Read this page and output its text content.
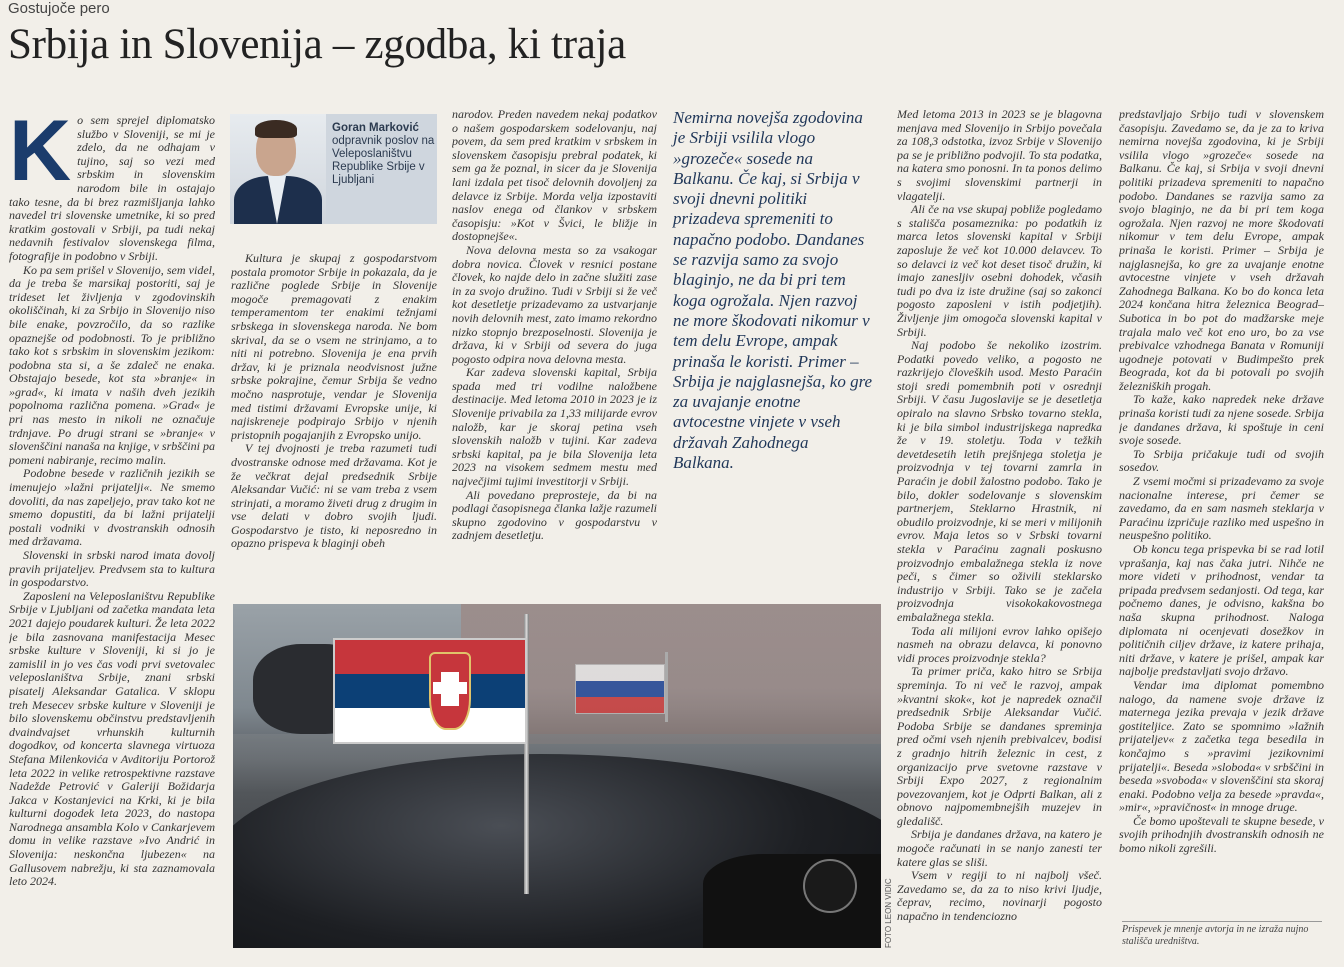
Gostujoče pero
Srbija in Slovenija – zgodba, ki traja

Ko sem sprejel diplomatsko službo v Sloveniji, se mi je zdelo, da ne odhajam v tujino, saj so vezi med srbskim in slovenskim narodom bile in ostajajo tako tesne, da bi brez razmišljanja lahko navedel tri slovenske umetnike, ki so pred kratkim gostovali v Srbiji, pa tudi nekaj nedavnih festivalov slovenskega filma, fotografije in podobno v Srbiji.

Ko pa sem prišel v Slovenijo, sem videl, da je treba še marsikaj postoriti, saj je trideset let življenja v zgodovinskih okoliščinah, ki za Srbijo in Slovenijo niso bile enake, povzročilo, da so razlike opaznejše od podobnosti. To je približno tako kot s srbskim in slovenskim jezikom: podobna sta si, a še zdaleč ne enaka. Obstajajo besede, kot sta »branje« in »grad«, ki imata v naših dveh jezikih popolnoma različna pomena. »Grad« je pri nas mesto in nikoli ne označuje trdnjave. Po drugi strani se »branje« v slovenščini nanaša na knjige, v srbščini pa pomeni nabiranje, recimo malin.

Podobne besede v različnih jezikih se imenujejo »lažni prijatelji«. Ne smemo dovoliti, da nas zapeljejo, prav tako kot ne smemo dopustiti, da bi lažni prijatelji postali vodniki v dvostranskih odnosih med državama.

Slovenski in srbski narod imata dovolj pravih prijateljev. Predvsem sta to kultura in gospodarstvo.

Zaposleni na Veleposlaništvu Republike Srbije v Ljubljani od začetka mandata leta 2021 dajejo poudarek kulturi. Že leta 2022 je bila zasnovana manifestacija Mesec srbske kulture v Sloveniji, ki si jo je zamislil in jo ves čas vodi prvi svetovalec veleposlaništva Srbije, znani srbski pisatelj Aleksandar Gatalica. V sklopu treh Mesecev srbske kulture v Sloveniji je bilo slovenskemu občinstvu predstavljenih dvaindvajset vrhunskih kulturnih dogodkov, od koncerta slavnega virtuoza Stefana Milenkovića v Avditoriju Portorož leta 2022 in velike retrospektivne razstave Nadežde Petrović v Galeriji Božidarja Jakca v Kostanjevici na Krki, ki je bila kulturni dogodek leta 2023, do nastopa Narodnega ansambla Kolo v Cankarjevem domu in velike razstave »Ivo Andrić in Slovenija: neskončna ljubezen« na Gallusovem nabrežju, ki sta zaznamovala leto 2024.

Goran Marković
odpravnik poslov na Veleposlaništvu Republike Srbije v Ljubljani

Kultura je skupaj z gospodarstvom postala promotor Srbije in pokazala, da je različne poglede Srbije in Slovenije mogoče premagovati z enakim temperamentom ter enakimi težnjami srbskega in slovenskega naroda. Ne bom skrival, da se o vsem ne strinjamo, a to niti ni potrebno. Slovenija je ena prvih držav, ki je priznala neodvisnost južne srbske pokrajine, čemur Srbija še vedno močno nasprotuje, vendar je Slovenija med tistimi državami Evropske unije, ki najiskreneje podpirajo Srbijo v njenih pristopnih pogajanjih z Evropsko unijo.

V tej dvojnosti je treba razumeti tudi dvostranske odnose med državama. Kot je že večkrat dejal predsednik Srbije Aleksandar Vučić: ni se vam treba z vsem strinjati, a moramo živeti drug z drugim in vse delati v dobro svojih ljudi. Gospodarstvo je tisto, ki neposredno in opazno prispeva k blaginji obeh

narodov. Preden navedem nekaj podatkov o našem gospodarskem sodelovanju, naj povem, da sem pred kratkim v srbskem in slovenskem časopisju prebral podatek, ki sem ga že poznal, in sicer da je Slovenija lani izdala pet tisoč delovnih dovoljenj za delavce iz Srbije. Morda velja izpostaviti naslov enega od člankov v srbskem časopisju: »Kot v Švici, le bližje in dostopnejše«.

Nova delovna mesta so za vsakogar dobra novica. Človek v resnici postane človek, ko najde delo in začne služiti zase in za svojo družino. Tudi v Srbiji si že več kot desetletje prizadevamo za ustvarjanje novih delovnih mest, zato imamo rekordno nizko stopnjo brezposelnosti. Slovenija je država, ki v Srbiji od severa do juga pogosto odpira nova delovna mesta.

Kar zadeva slovenski kapital, Srbija spada med tri vodilne naložbene destinacije. Med letoma 2010 in 2023 je iz Slovenije privabila za 1,33 milijarde evrov naložb, kar je skoraj petina vseh slovenskih naložb v tujini. Kar zadeva srbski kapital, pa je bila Slovenija leta 2023 na visokem sedmem mestu med največjimi tujimi investitorji v Srbiji.

Ali povedano preprosteje, da bi na podlagi časopisnega članka lažje razumeli skupno zgodovino v gospodarstvu v zadnjem desetletju.

Nemirna novejša zgodovina je Srbiji vsilila vlogo »grozeče« sosede na Balkanu. Če kaj, si Srbija v svoji dnevni politiki prizadeva spremeniti to napačno podobo. Dandanes se razvija samo za svojo blaginjo, ne da bi pri tem koga ogrožala. Njen razvoj ne more škodovati nikomur v tem delu Evrope, ampak prinaša le koristi. Primer – Srbija je najglasnejša, ko gre za uvajanje enotne avtocestne vinjete v vseh državah Zahodnega Balkana.

Med letoma 2013 in 2023 se je blagovna menjava med Slovenijo in Srbijo povečala za 108,3 odstotka, izvoz Srbije v Slovenijo pa se je približno podvojil. To sta podatka, na katera smo ponosni. In ta ponos delimo s svojimi slovenskimi partnerji in vlagatelji.

Ali če na vse skupaj pobliže pogledamo s stališča posameznika: po podatkih iz marca letos slovenski kapital v Srbiji zaposluje že več kot 10.000 delavcev. To so delavci iz več kot deset tisoč družin, ki imajo zanesljiv osebni dohodek, včasih tudi po dva iz iste družine (saj so zakonci pogosto zaposleni v istih podjetjih). Življenje jim omogoča slovenski kapital v Srbiji.

Naj podobo še nekoliko izostrim. Podatki povedo veliko, a pogosto ne razkrijejo človeških usod. Mesto Paraćin stoji sredi pomembnih poti v osrednji Srbiji. V času Jugoslavije se je desetletja opiralo na slavno Srbsko tovarno stekla, ki je bila simbol industrijskega napredka že v 19. stoletju. Toda v težkih devetdesetih letih prejšnjega stoletja je proizvodnja v tej tovarni zamrla in Paraćin je dobil žalostno podobo. Tako je bilo, dokler sodelovanje s slovenskim partnerjem, Steklarno Hrastnik, ni obudilo proizvodnje, ki se meri v milijonih evrov. Maja letos so v Srbski tovarni stekla v Paraćinu zagnali poskusno proizvodnjo embalažnega stekla iz nove peči, s čimer so oživili steklarsko industrijo v Srbiji. Tako se je začela proizvodnja visokokakovostnega embalažnega stekla.

Toda ali milijoni evrov lahko opišejo nasmeh na obrazu delavca, ki ponovno vidi proces proizvodnje stekla?

Ta primer priča, kako hitro se Srbija spreminja. To ni več le razvoj, ampak »kvantni skok«, kot je napredek označil predsednik Srbije Aleksandar Vučić. Podoba Srbije se dandanes spreminja pred očmi vseh njenih prebivalcev, bodisi z gradnjo hitrih železnic in cest, z organizacijo prve svetovne razstave v Srbiji Expo 2027, z regionalnim povezovanjem, kot je Odprti Balkan, ali z obnovo najpomembnejših muzejev in gledališč.

Srbija je dandanes država, na katero je mogoče računati in se nanjo zanesti ter katere glas se sliši.

Vsem v regiji to ni najbolj všeč. Zavedamo se, da za to niso krivi ljudje, čeprav, recimo, novinarji pogosto napačno in tendenciozno

predstavljajo Srbijo tudi v slovenskem časopisju. Zavedamo se, da je za to kriva nemirna novejša zgodovina, ki je Srbiji vsilila vlogo »grozeče« sosede na Balkanu. Če kaj, si Srbija v svoji dnevni politiki prizadeva spremeniti to napačno podobo. Dandanes se razvija samo za svojo blaginjo, ne da bi pri tem koga ogrožala. Njen razvoj ne more škodovati nikomur v tem delu Evrope, ampak prinaša le koristi. Primer – Srbija je najglasnejša, ko gre za uvajanje enotne avtocestne vinjete v vseh državah Zahodnega Balkana. Ko bo do konca leta 2024 končana hitra železnica Beograd–Subotica in bo pot do madžarske meje trajala malo več kot eno uro, bo za vse prebivalce vzhodnega Banata v Romuniji ugodneje potovati v Budimpešto prek Beograda, kot da bi potovali po svojih železniških progah.

To kaže, kako napredek neke države prinaša koristi tudi za njene sosede. Srbija je dandanes država, ki spoštuje in ceni svoje sosede.

To Srbija pričakuje tudi od svojih sosedov.

Z vsemi močmi si prizadevamo za svoje nacionalne interese, pri čemer se zavedamo, da en sam nasmeh steklarja v Paraćinu izpričuje razliko med uspešno in neuspešno politiko.

Ob koncu tega prispevka bi se rad lotil vprašanja, kaj nas čaka jutri. Nihče ne more videti v prihodnost, vendar ta pripada predvsem sedanjosti. Od tega, kar počnemo danes, je odvisno, kakšna bo naša skupna prihodnost. Naloga diplomata ni ocenjevati dosežkov in političnih ciljev države, iz katere prihaja, niti države, v katere je prišel, ampak kar najbolje predstavljati svojo državo.

Vendar ima diplomat pomembno nalogo, da namene svoje države iz maternega jezika prevaja v jezik države gostiteljice. Zato se spomnimo »lažnih prijateljev« z začetka tega besedila in končajmo s »pravimi jezikovnimi prijatelji«. Beseda »sloboda« v srbščini in beseda »svoboda« v slovenščini sta skoraj enaki. Podobno velja za besede »pravda«, »mir«, »pravičnost« in mnoge druge.

Če bomo upoštevali te skupne besede, v svojih prihodnjih dvostranskih odnosih ne bomo nikoli zgrešili.

FOTO LEON VIDIC	Prispevek je mnenje avtorja in ne izraža nujno stališča uredništva.
